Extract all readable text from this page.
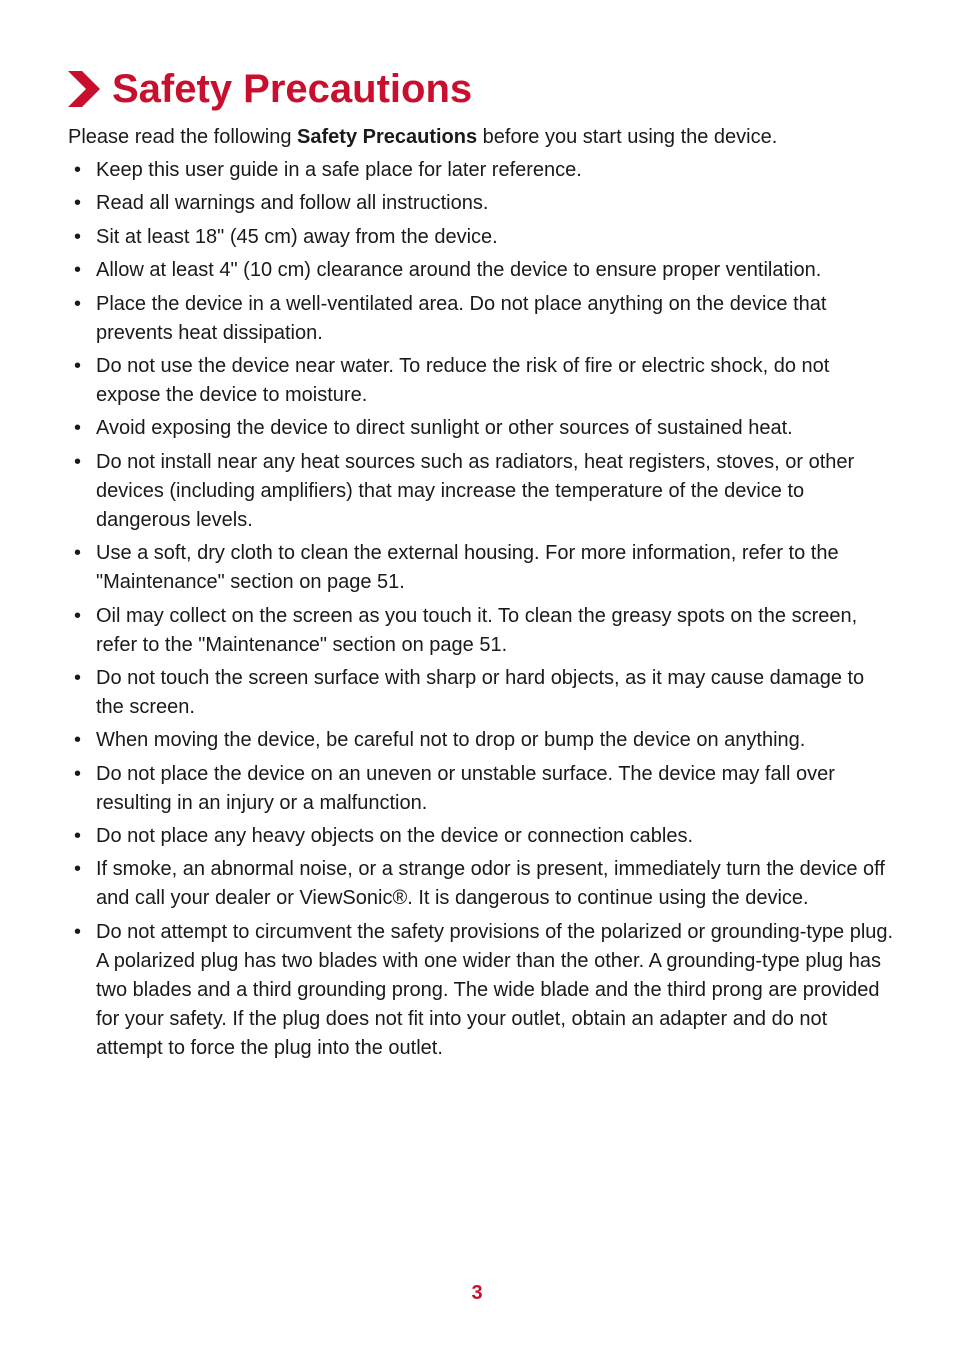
Safety Precautions

Please read the following Safety Precautions before you start using the device.

• Keep this user guide in a safe place for later reference.
• Read all warnings and follow all instructions.
• Sit at least 18" (45 cm) away from the device.
• Allow at least 4" (10 cm) clearance around the device to ensure proper ventilation.
• Place the device in a well-ventilated area. Do not place anything on the device that prevents heat dissipation.
• Do not use the device near water. To reduce the risk of fire or electric shock, do not expose the device to moisture.
• Avoid exposing the device to direct sunlight or other sources of sustained heat.
• Do not install near any heat sources such as radiators, heat registers, stoves, or other devices (including amplifiers) that may increase the temperature of the device to dangerous levels.
• Use a soft, dry cloth to clean the external housing. For more information, refer to the "Maintenance" section on page 51.
• Oil may collect on the screen as you touch it. To clean the greasy spots on the screen, refer to the "Maintenance" section on page 51.
• Do not touch the screen surface with sharp or hard objects, as it may cause damage to the screen.
• When moving the device, be careful not to drop or bump the device on anything.
• Do not place the device on an uneven or unstable surface. The device may fall over resulting in an injury or a malfunction.
• Do not place any heavy objects on the device or connection cables.
• If smoke, an abnormal noise, or a strange odor is present, immediately turn the device off and call your dealer or ViewSonic®. It is dangerous to continue using the device.
• Do not attempt to circumvent the safety provisions of the polarized or grounding-type plug. A polarized plug has two blades with one wider than the other. A grounding-type plug has two blades and a third grounding prong. The wide blade and the third prong are provided for your safety. If the plug does not fit into your outlet, obtain an adapter and do not attempt to force the plug into the outlet.
3
